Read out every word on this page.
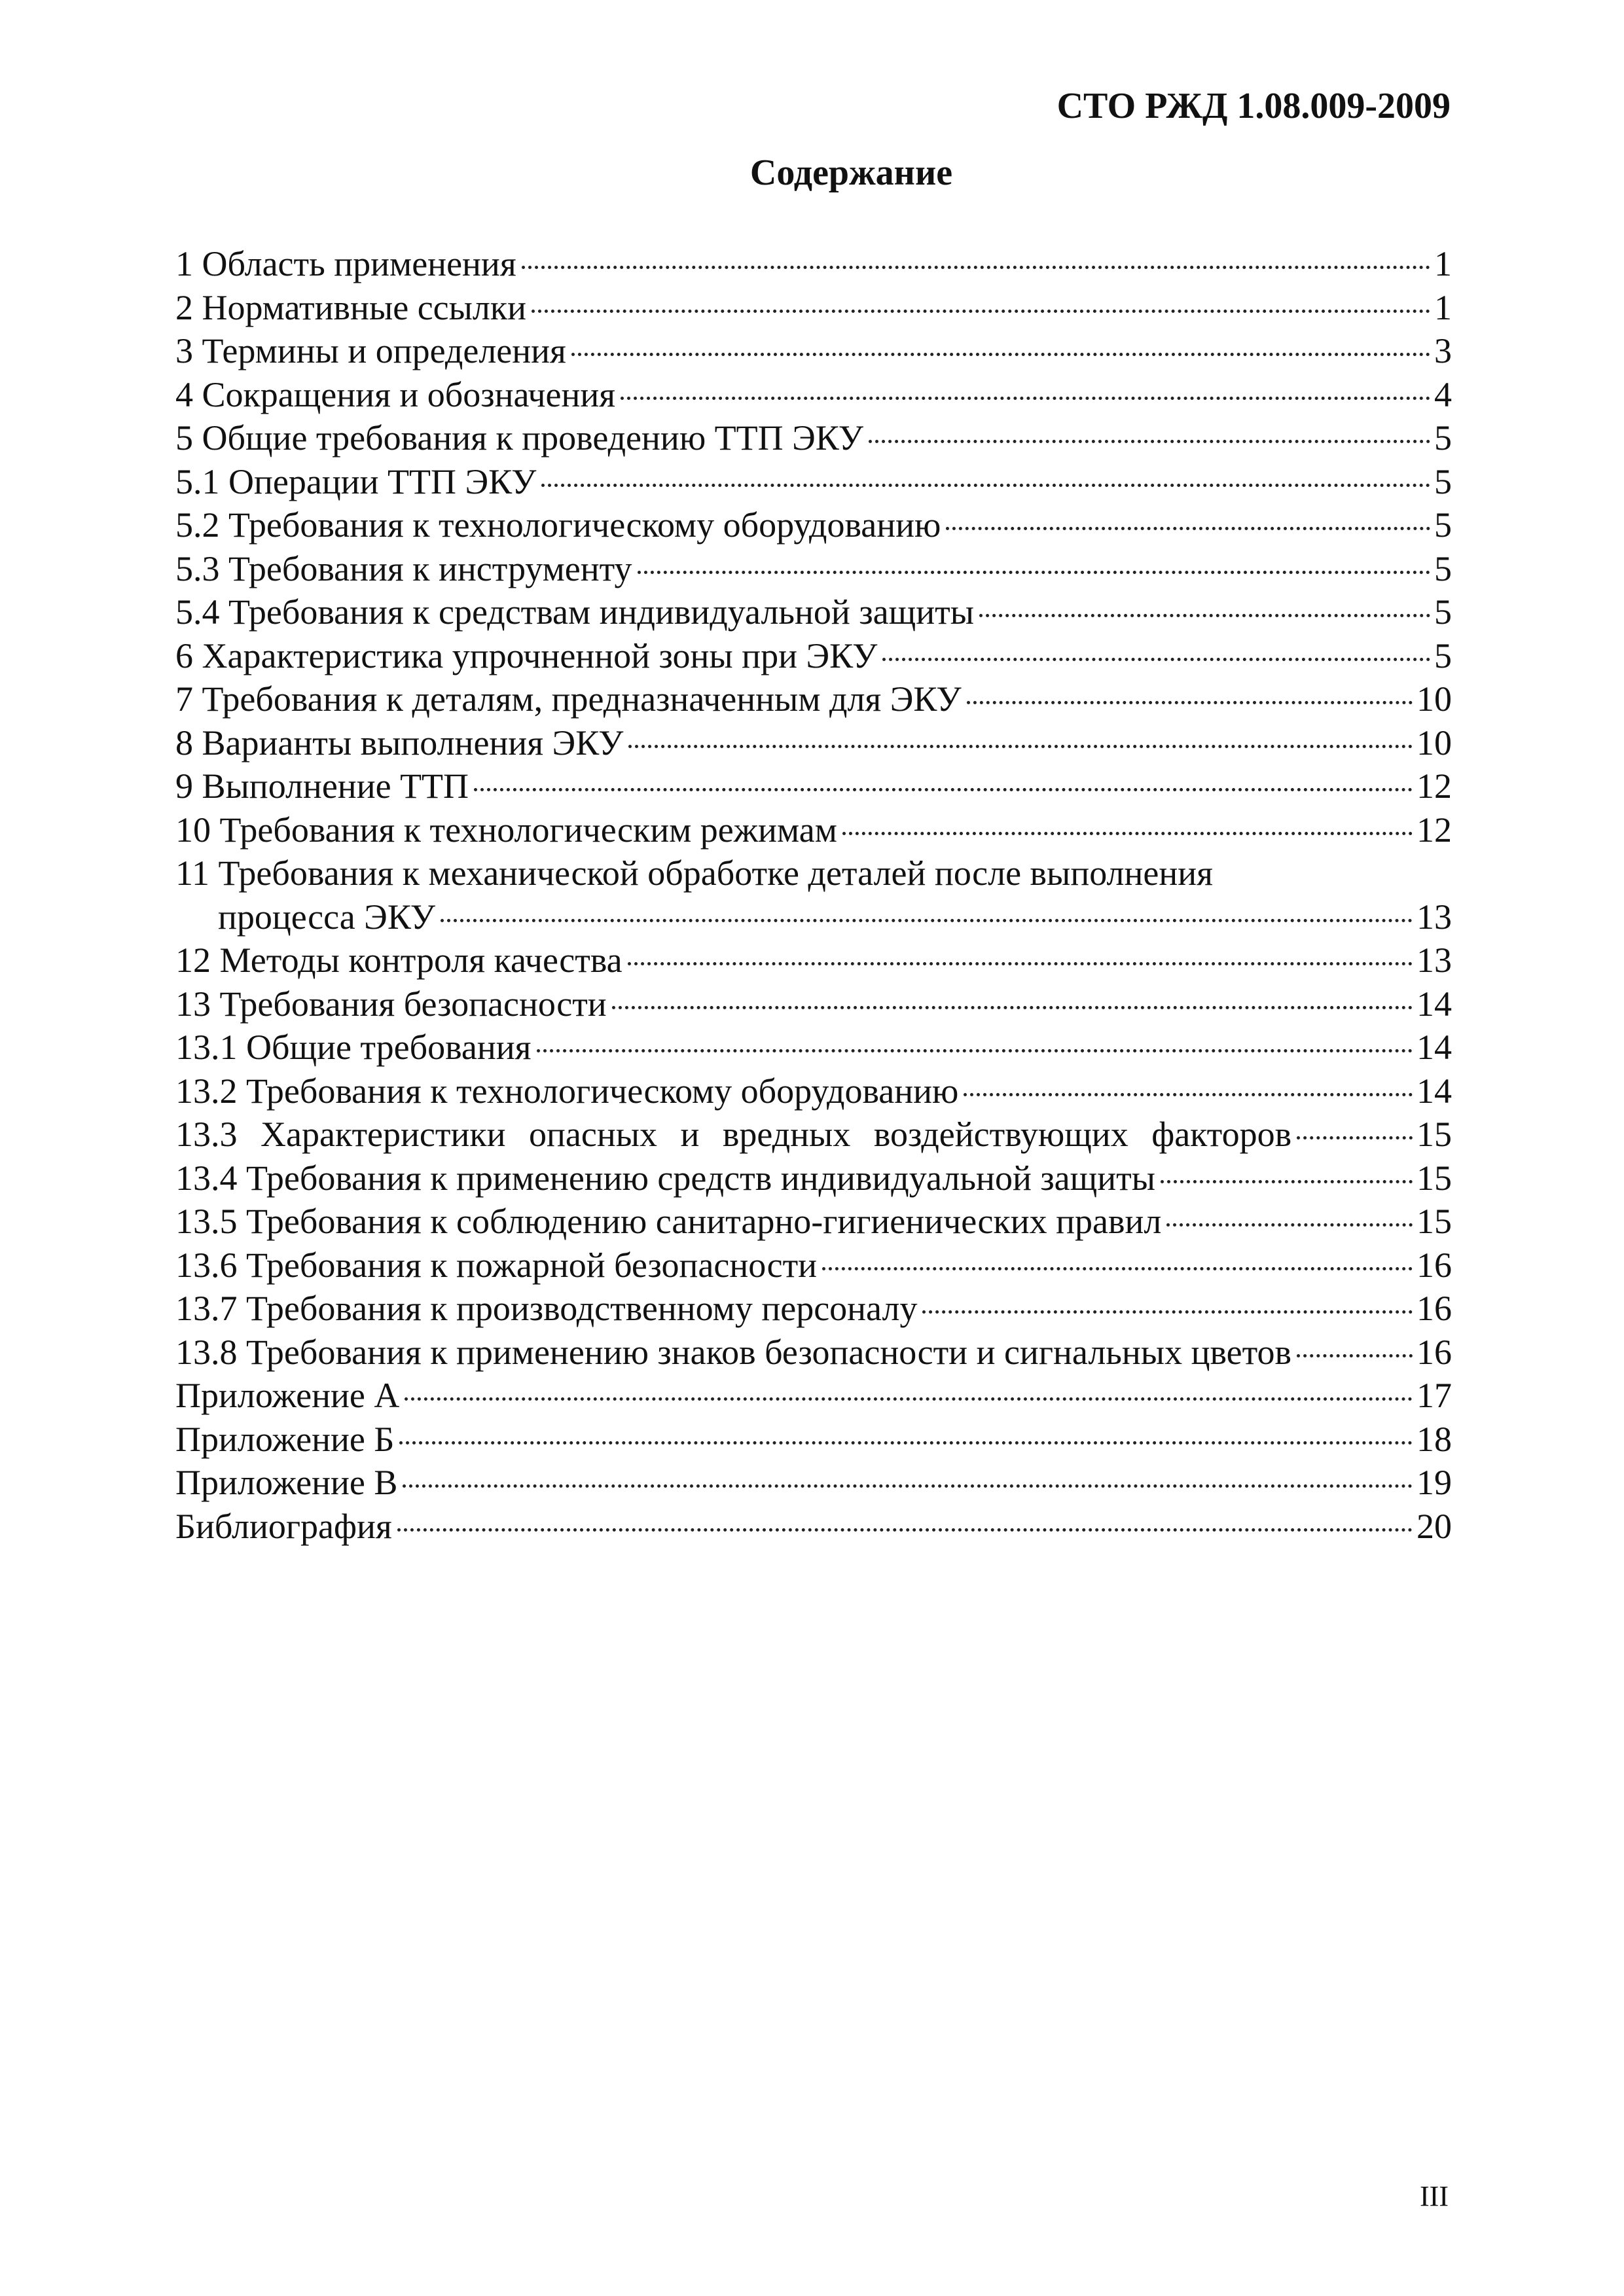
СТО РЖД 1.08.009-2009
Содержание
1 Область применения	1
2 Нормативные ссылки	1
3 Термины и определения	3
4 Сокращения и обозначения	4
5 Общие требования к проведению ТТП ЭКУ	5
5.1 Операции ТТП ЭКУ	5
5.2 Требования к технологическому оборудованию	5
5.3 Требования к инструменту	5
5.4 Требования к средствам индивидуальной защиты	5
6 Характеристика упрочненной зоны при ЭКУ	5
7 Требования к деталям, предназначенным для ЭКУ	10
8 Варианты выполнения ЭКУ	10
9 Выполнение ТТП	12
10 Требования к технологическим режимам	12
11 Требования к механической обработке деталей после выполнения
процесса ЭКУ	13
12 Методы контроля качества	13
13 Требования безопасности	14
13.1 Общие требования	14
13.2 Требования к технологическому оборудованию	14
13.3 Характеристики опасных и вредных воздействующих факторов	15
13.4 Требования к применению средств индивидуальной защиты	15
13.5 Требования к соблюдению санитарно-гигиенических правил	15
13.6 Требования к пожарной безопасности	16
13.7 Требования к производственному персоналу	16
13.8 Требования к применению знаков безопасности и сигнальных цветов	16
Приложение А	17
Приложение Б	18
Приложение В	19
Библиография	20
III
